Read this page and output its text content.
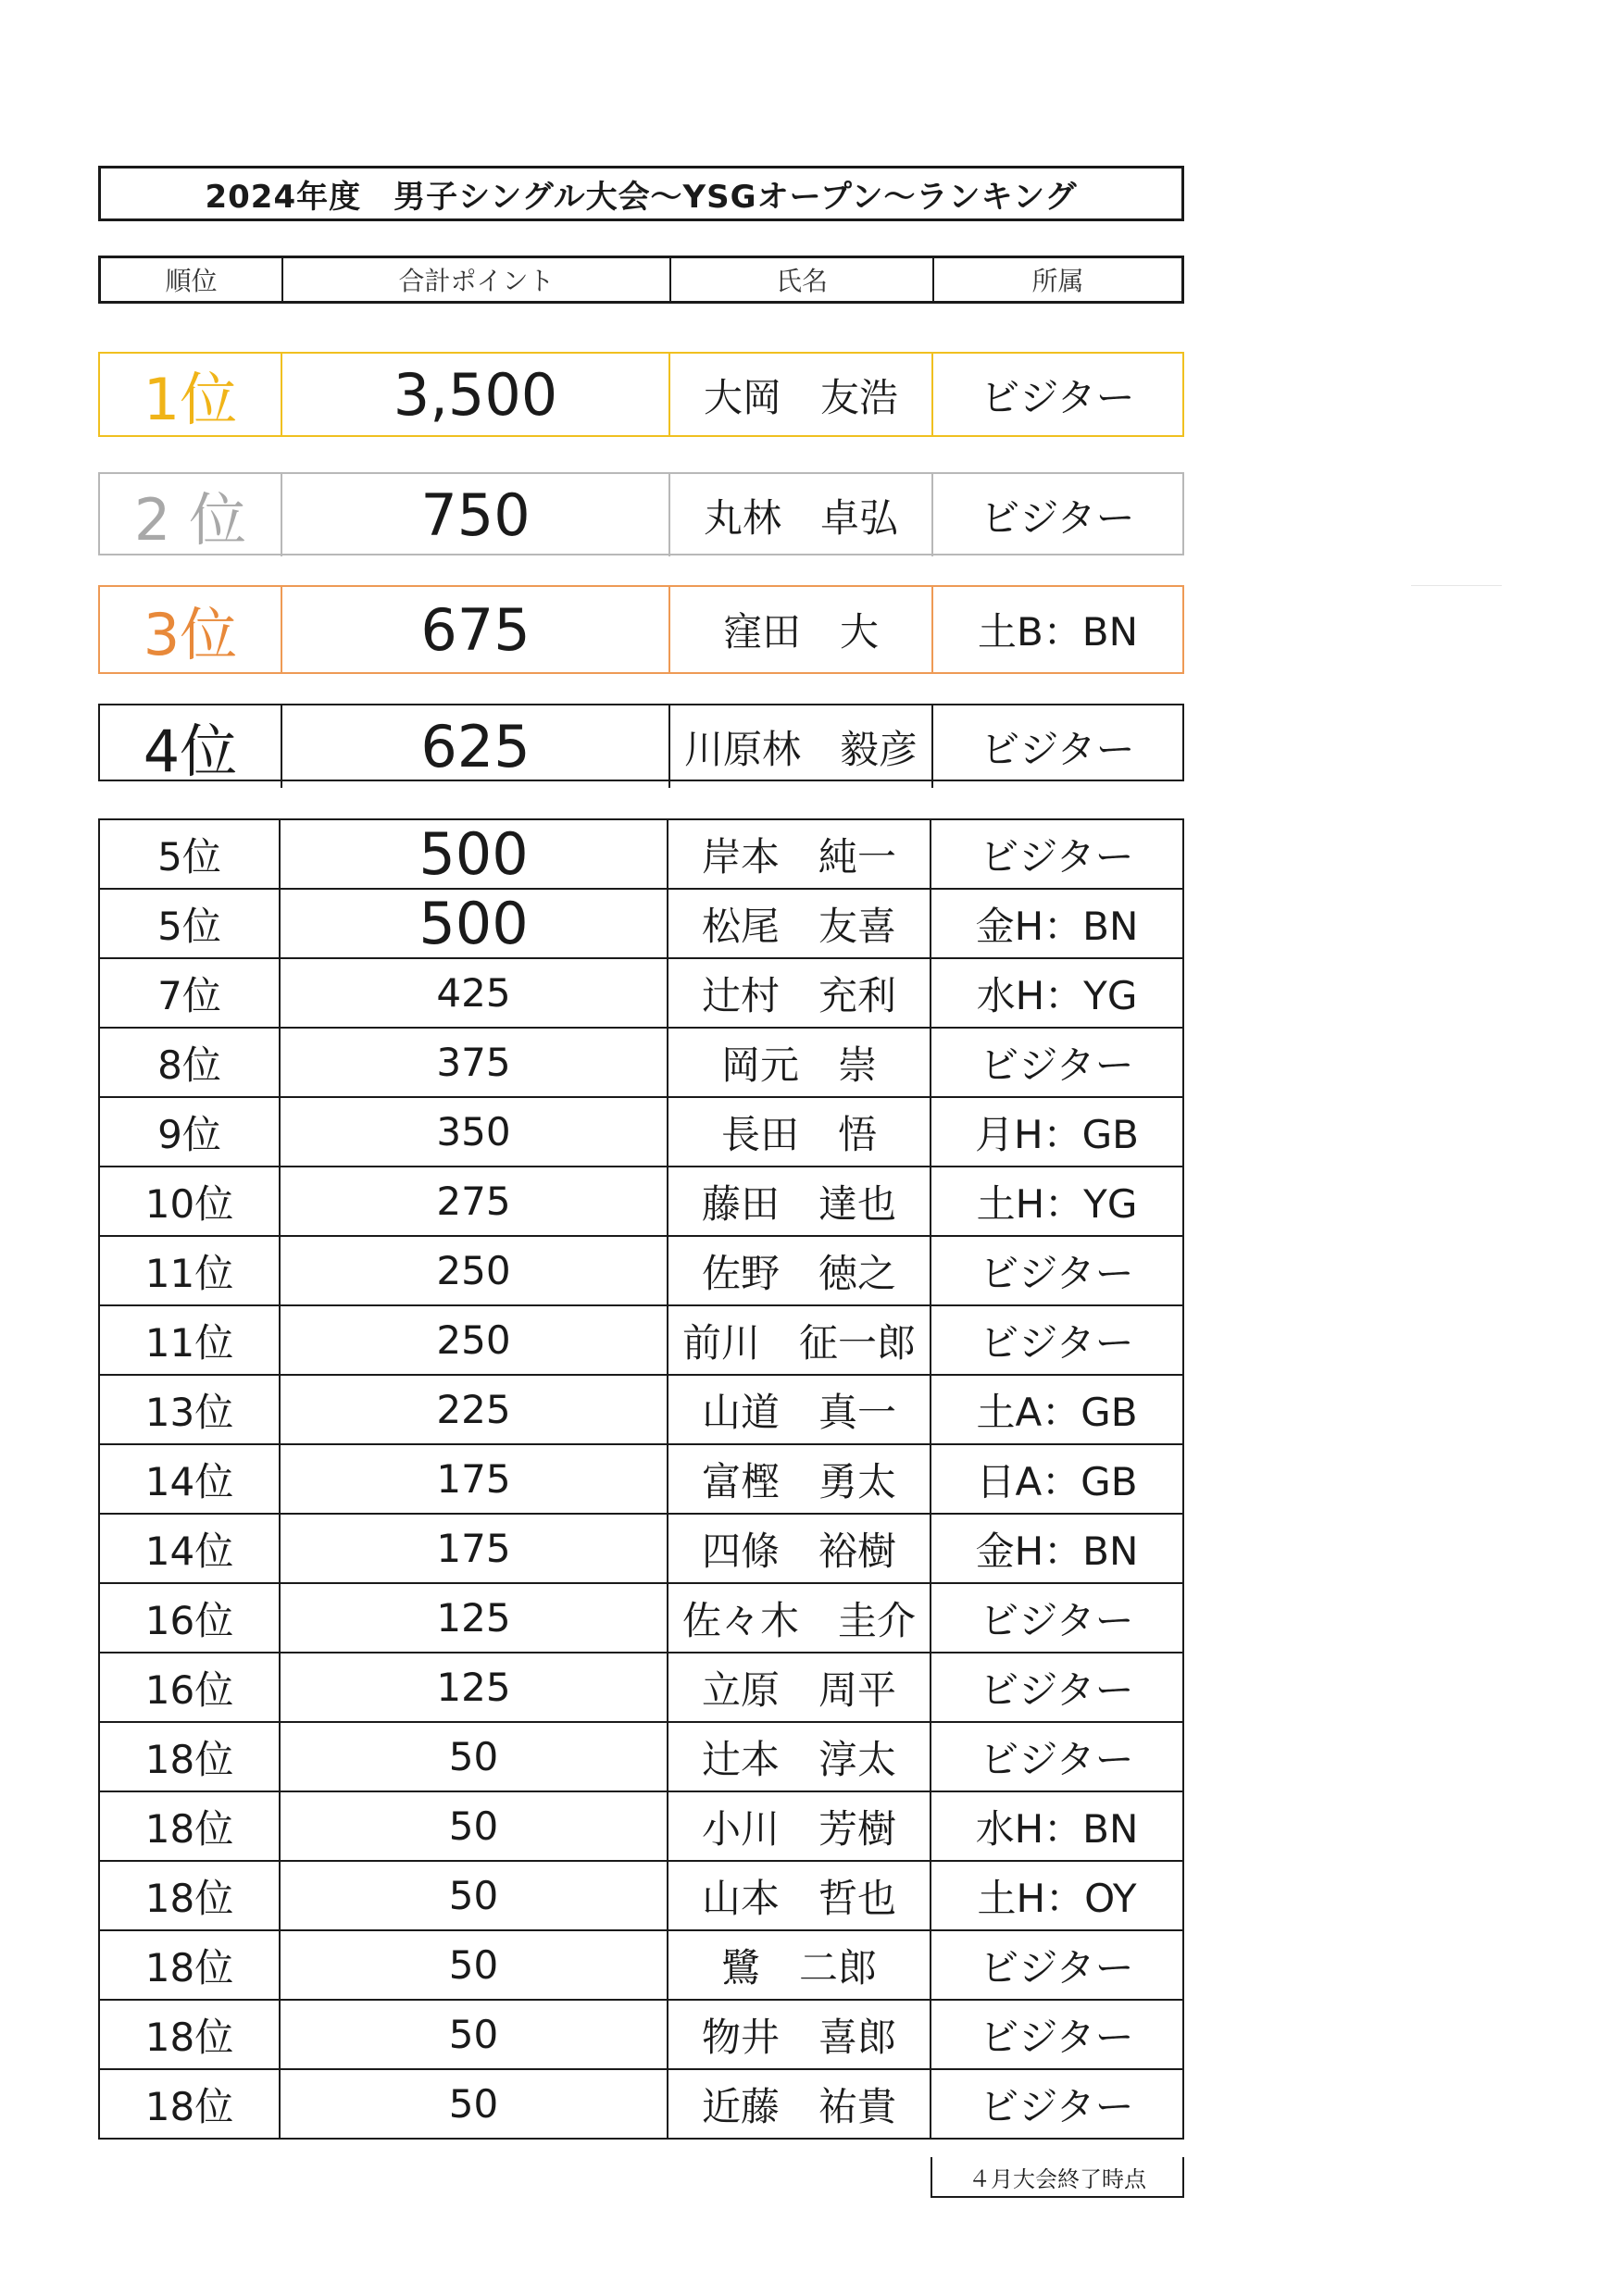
2024年度　男子シングル大会～YSGオープン～ランキング
順位	合計ポイント	氏名	所属
1位	3,500	大岡　友浩	ビジター
2 位	750	丸林　卓弘	ビジター
3位	675	窪田　大	土B：BN
4位	625	川原林　毅彦	ビジター
5位	500	岸本　純一	ビジター
5位	500	松尾　友喜	金H：BN
7位	425	辻村　充利	水H：YG
8位	375	岡元　崇	ビジター
9位	350	長田　悟	月H：GB
10位	275	藤田　達也	土H：YG
11位	250	佐野　徳之	ビジター
11位	250	前川　征一郎	ビジター
13位	225	山道　真一	土A：GB
14位	175	富樫　勇太	日A：GB
14位	175	四條　裕樹	金H：BN
16位	125	佐々木　圭介	ビジター
16位	125	立原　周平	ビジター
18位	50	辻本　淳太	ビジター
18位	50	小川　芳樹	水H：BN
18位	50	山本　哲也	土H：OY
18位	50	鷺　二郎	ビジター
18位	50	物井　喜郎	ビジター
18位	50	近藤　祐貴	ビジター
４月大会終了時点
